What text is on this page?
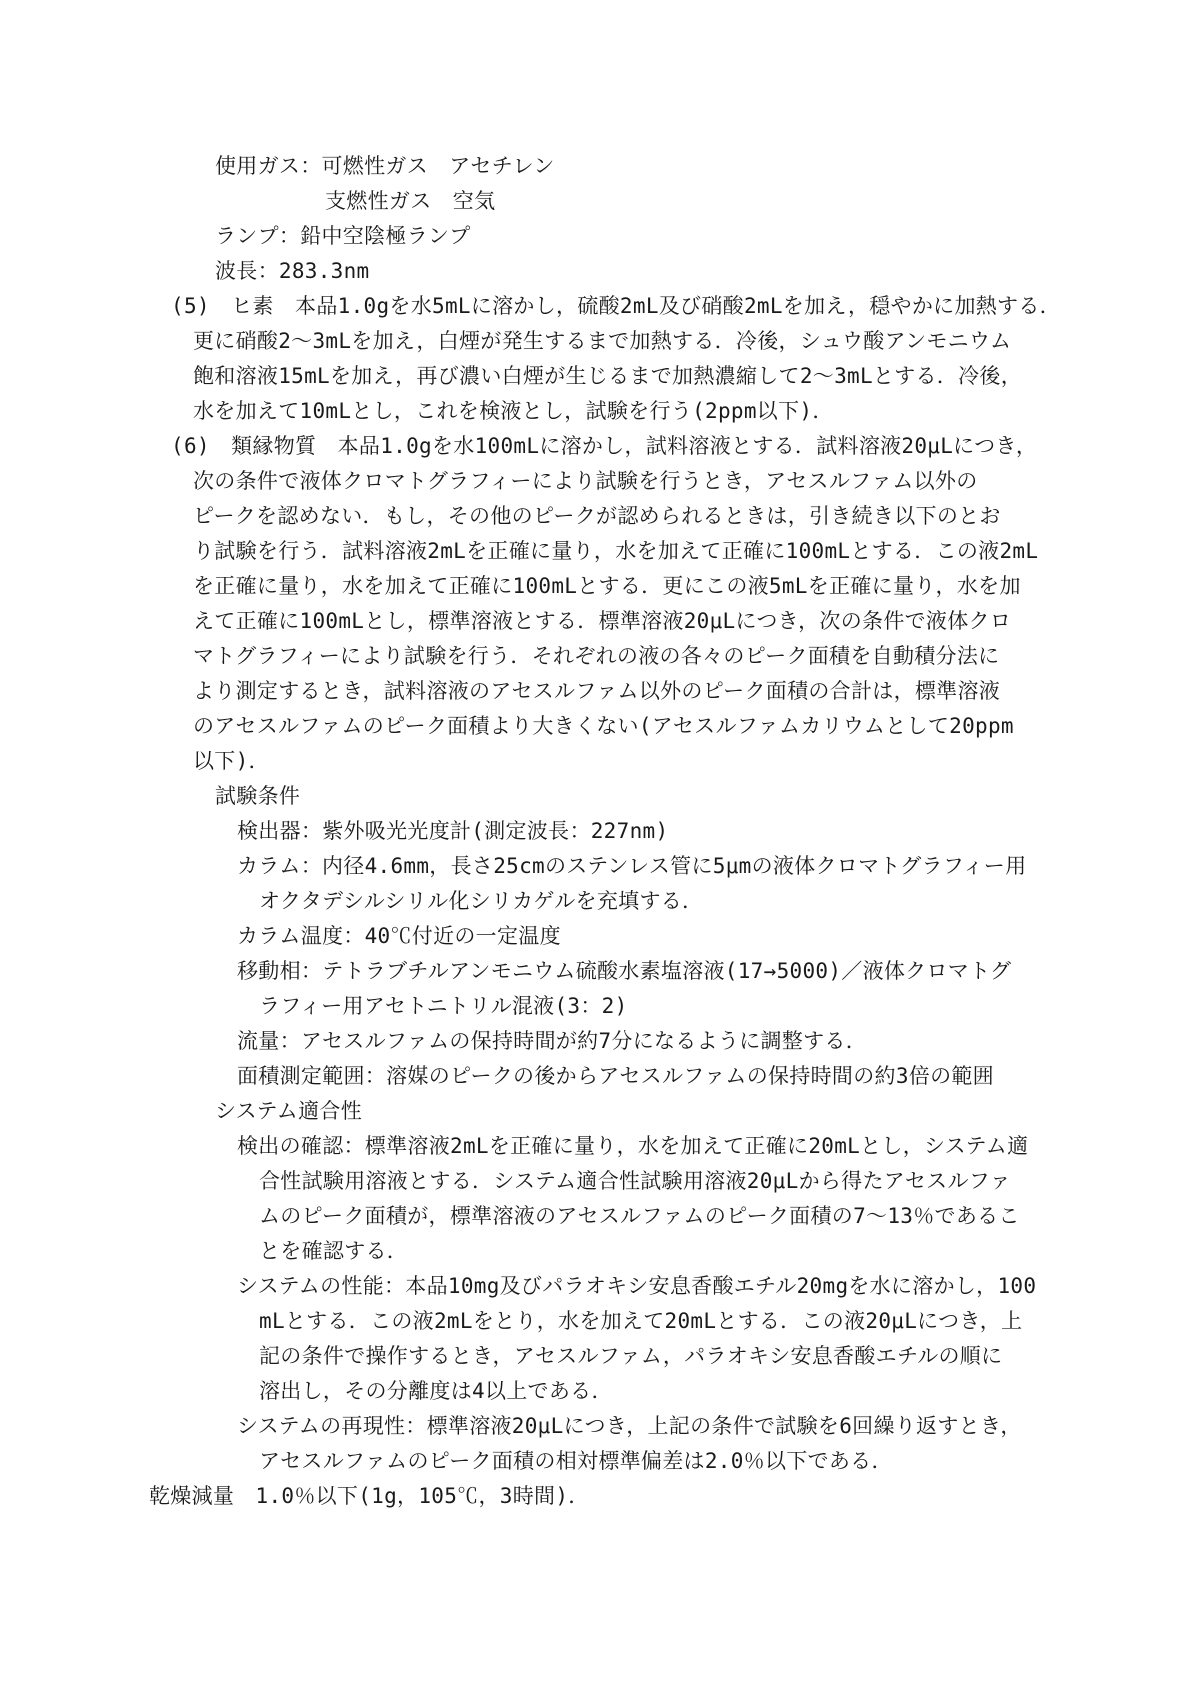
使用ガス：可燃性ガス　アセチレン
支燃性ガス　空気
ランプ：鉛中空陰極ランプ
波長：283.3nm
(5)　ヒ素　本品1.0gを水5mLに溶かし，硫酸2mL及び硝酸2mLを加え，穏やかに加熱する．
更に硝酸2～3mLを加え，白煙が発生するまで加熱する．冷後，シュウ酸アンモニウム
飽和溶液15mLを加え，再び濃い白煙が生じるまで加熱濃縮して2～3mLとする．冷後，
水を加えて10mLとし，これを検液とし，試験を行う(2ppm以下)．
(6)　類縁物質　本品1.0gを水100mLに溶かし，試料溶液とする．試料溶液20μLにつき，
次の条件で液体クロマトグラフィーにより試験を行うとき，アセスルファム以外の
ピークを認めない．もし，その他のピークが認められるときは，引き続き以下のとお
り試験を行う．試料溶液2mLを正確に量り，水を加えて正確に100mLとする．この液2mL
を正確に量り，水を加えて正確に100mLとする．更にこの液5mLを正確に量り，水を加
えて正確に100mLとし，標準溶液とする．標準溶液20μLにつき，次の条件で液体クロ
マトグラフィーにより試験を行う．それぞれの液の各々のピーク面積を自動積分法に
より測定するとき，試料溶液のアセスルファム以外のピーク面積の合計は，標準溶液
のアセスルファムのピーク面積より大きくない(アセスルファムカリウムとして20ppm
以下)．
試験条件
検出器：紫外吸光光度計(測定波長：227nm)
カラム：内径4.6mm，長さ25cmのステンレス管に5μmの液体クロマトグラフィー用
オクタデシルシリル化シリカゲルを充填する．
カラム温度：40℃付近の一定温度
移動相：テトラブチルアンモニウム硫酸水素塩溶液(17→5000)／液体クロマトグ
ラフィー用アセトニトリル混液(3：2)
流量：アセスルファムの保持時間が約7分になるように調整する．
面積測定範囲：溶媒のピークの後からアセスルファムの保持時間の約3倍の範囲
システム適合性
検出の確認：標準溶液2mLを正確に量り，水を加えて正確に20mLとし，システム適
合性試験用溶液とする．システム適合性試験用溶液20μLから得たアセスルファ
ムのピーク面積が，標準溶液のアセスルファムのピーク面積の7～13％であるこ
とを確認する．
システムの性能：本品10mg及びパラオキシ安息香酸エチル20mgを水に溶かし，100
mLとする．この液2mLをとり，水を加えて20mLとする．この液20μLにつき，上
記の条件で操作するとき，アセスルファム，パラオキシ安息香酸エチルの順に
溶出し，その分離度は4以上である．
システムの再現性：標準溶液20μLにつき，上記の条件で試験を6回繰り返すとき，
アセスルファムのピーク面積の相対標準偏差は2.0％以下である．
乾燥減量　1.0％以下(1g，105℃，3時間)．
